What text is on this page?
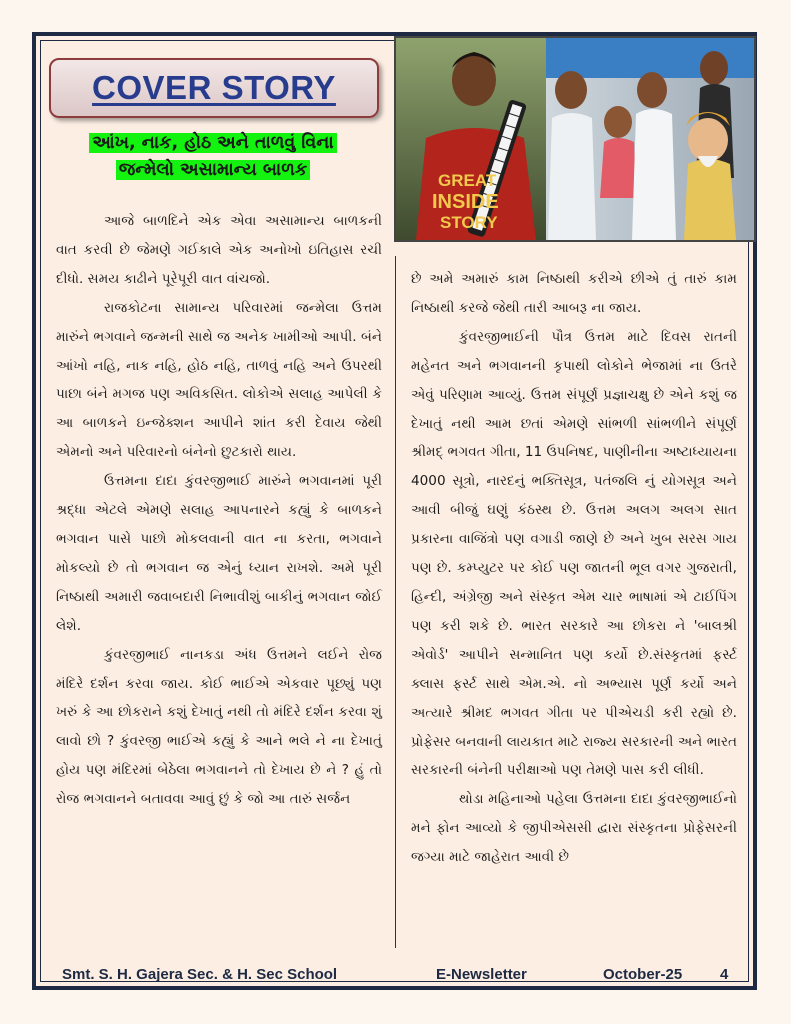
COVER STORY
આંખ, નાક, હોઠ અને તાળવું વિના
જન્મેલો અસામાન્ય બાળક
GREAT
INSIDE
STORY

આજે બાળદિને એક એવા અસામાન્ય બાળકની વાત કરવી છે જેમણે ગઈકાલે એક અનોખો ઇતિહાસ રચી દીધો. સમય કાઢીને પૂરેપૂરી વાત વાંચજો.

રાજકોટના સામાન્ય પરિવારમાં જન્મેલા ઉત્તમ મારુંને ભગવાને જન્મની સાથે જ અનેક ખામીઓ આપી. બંને આંખો નહિ, નાક નહિ, હોઠ નહિ, તાળવું નહિ અને ઉપરથી પાછા બંને મગજ પણ અવિકસિત. લોકોએ સલાહ આપેલી કે આ બાળકને ઇન્જેક્શન આપીને શાંત કરી દેવાય જેથી એમનો અને પરિવારનો બંનેનો છુટકારો થાય.

ઉત્તમના દાદા કુંવરજીભાઈ મારુંને ભગવાનમાં પૂરી શ્રદ્ધા એટલે એમણે સલાહ આપનારને કહ્યું કે બાળકને ભગવાન પાસે પાછો મોકલવાની વાત ના કરતા, ભગવાને મોકલ્યો છે તો ભગવાન જ એનું ધ્યાન રાખશે. અમે પૂરી નિષ્ઠાથી અમારી જવાબદારી નિભાવીશું બાકીનું ભગવાન જોઈ લેશે.

કુંવરજીભાઈ નાનકડા અંધ ઉત્તમને લઈને રોજ મંદિરે દર્શન કરવા જાય. કોઈ ભાઈએ એકવાર પૂછ્યું પણ ખરું કે આ છોકરાને કશું દેખાતું નથી તો મંદિરે દર્શન કરવા શું લાવો છો ? કુંવરજી ભાઈએ કહ્યું કે આને ભલે ને ના દેખાતું હોય પણ મંદિરમાં બેઠેલા ભગવાનને તો દેખાય છે ને ? હું તો રોજ ભગવાનને બતાવવા આવું છું કે જો આ તારું સર્જન

છે અમે અમારું કામ નિષ્ઠાથી કરીએ છીએ તું તારું કામ નિષ્ઠાથી કરજે જેથી તારી આબરૂ ના જાય.

કુંવરજીભાઈની પૌત્ર ઉત્તમ માટે દિવસ રાતની મહેનત અને ભગવાનની કૃપાથી લોકોને ભેજામાં ના ઉતરે એવું પરિણામ આવ્યું. ઉત્તમ સંપૂર્ણ પ્રજ્ઞાચક્ષુ છે એને કશું જ દેખાતું નથી આમ છતાં એમણે સાંભળી સાંભળીને સંપૂર્ણ શ્રીમદ્ ભગવત ગીતા, 11 ઉપનિષદ, પાણીનીના અષ્ટાધ્યાયના 4000 સૂત્રો, નારદનું ભક્તિસૂત્ર, પતંજલિ નું યોગસૂત્ર અને આવી બીજું ઘણું કંઠસ્થ છે. ઉત્તમ અલગ અલગ સાત પ્રકારના વાજિંત્રો પણ વગાડી જાણે છે અને ખુબ સરસ ગાય પણ છે. કમ્પ્યુટર પર કોઈ પણ જાતની ભૂલ વગર ગુજરાતી, હિન્દી, અંગ્રેજી અને સંસ્કૃત એમ ચાર ભાષામાં એ ટાઈપિંગ પણ કરી શકે છે. ભારત સરકારે આ છોકરા ને 'બાલશ્રી એવોર્ડ' આપીને સન્માનિત પણ કર્યો છે.સંસ્કૃતમાં ફર્સ્ટ ક્લાસ ફર્સ્ટ સાથે એમ.એ. નો અભ્યાસ પૂર્ણ કર્યો અને અત્યારે શ્રીમદ ભગવત ગીતા પર પીએચડી કરી રહ્યો છે. પ્રોફેસર બનવાની લાયકાત માટે રાજ્ય સરકારની અને ભારત સરકારની બંનેની પરીક્ષાઓ પણ તેમણે પાસ કરી લીધી.

થોડા મહિનાઓ પહેલા ઉત્તમના દાદા કુંવરજીભાઈનો મને ફોન આવ્યો કે જીપીએસસી દ્વારા સંસ્કૃતના પ્રોફેસરની જગ્યા માટે જાહેરાત આવી છે

Smt. S. H. Gajera Sec. & H. Sec School	E-Newsletter	October-25	4
